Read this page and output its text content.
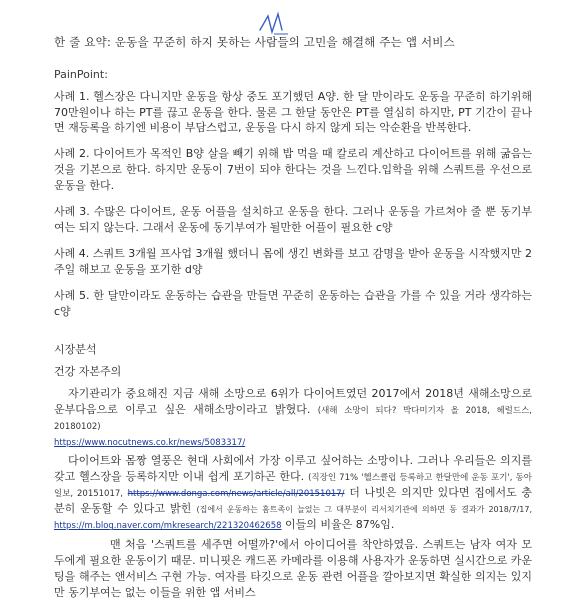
한 줄 요약: 운동을 꾸준히 하지 못하는 사람들의 고민을 해결해 주는 앱 서비스

PainPoint:

사례 1. 헬스장은 다니지만 운동을 항상 중도 포기했던 A양. 한 달 만이라도 운동을 꾸준히 하기위해 70만원이나 하는 PT를 끊고 운동을 한다. 물론 그 한달 동안은 PT를 열심히 하지만, PT 기간이 끝나면 재등록을 하기엔 비용이 부담스럽고, 운동을 다시 하지 않게 되는 악순환을 반복한다.

사례 2. 다이어트가 목적인 B양 살을 빼기 위해 밥 먹을 때 칼로리 계산하고 다이어트를 위해 굶음는 것을 기본으로 한다. 하지만 운동이 7번이 되야 한다는 것을 느낀다.입학을 위해 스쿼트를 우선으로 운동을 한다.

사례 3. 수많은 다이어트, 운동 어플을 설치하고 운동을 한다. 그러나 운동을 가르쳐야 줄 뿐 동기부여는 되지 않는다. 그래서 운동에 동기부여가 될만한 어플이 필요한 c양

사례 4. 스쿼트 3개월 프사업 3개월 했더니 몸에 생긴 변화를 보고 감명을 받아 운동을 시작했지만 2주일 해보고 운동을 포기한 d양

사례 5. 한 달만이라도 운동하는 습관을 만들면 꾸준히 운동하는 습관을 가를 수 있을 거라 생각하는 c양

시장분석

건강 자본주의

자기관리가 중요해진 지금 새해 소망으로 6위가 다이어트였던 2017에서 2018년 새해소망으로 운부다음으로 이루고 싶은 새해소망이라고 밝혔다. (새해 소망이 되다? 박다미기자 올 2018, 헤럴드스, 20180102)
https://www.nocutnews.co.kr/news/5083317/

다이어트와 몸짱 열풍은 현대 사회에서 가장 이루고 싶어하는 소망이나. 그러나 우리들은 의지를 갖고 헬스장을 등록하지만 이내 쉽게 포기하곤 한다. (직장인 71% '헬스클럽 등록하고 한달만에 운동 포기', 동아일보, 20151017, https://www.donga.com/news/article/all/20151017/ 더 나빗은 의지만 있다면 집에서도 충분히 운동할 수 있다고 밝힌 (집에서 운동하는 홈트족이 늘었는 그 대부분이 리서치기관에 의하면 동 결과가 2018/7/17, https://m.blog.naver.com/mkresearch/221320462658 이들의 비율은 87%임.

맨 처음 '스쿼트를 세주면 어떨까?'에서 아이디어를 착안하였음. 스쿼트는 남자 여자 모두에게 필요한 운동이기 때문. 미니핏은 캐드폰 카메라를 이용해 사용자가 운동하면 실시간으로 카운팅을 해주는 앤서비스 구현 가능. 여자를 타깃으로 운동 관련 어플을 깔아보지면 확실한 의지는 있지만 동기부여는 없는 이들을 위한 앱 서비스
